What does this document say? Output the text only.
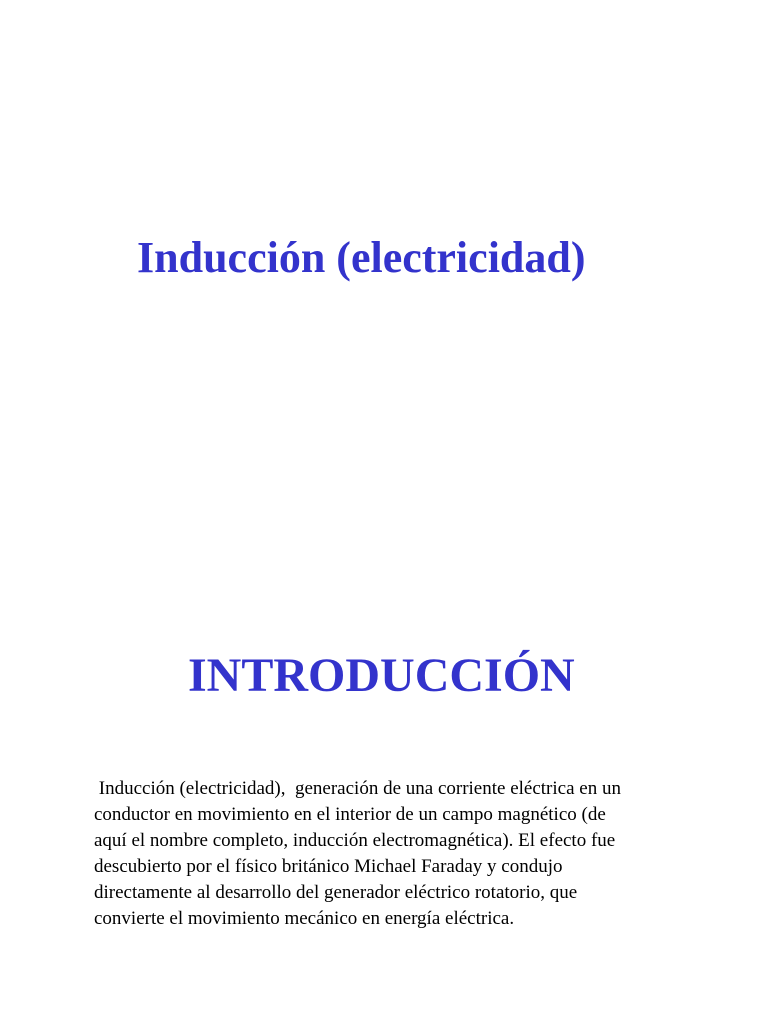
Inducción (electricidad)
INTRODUCCIÓN

Inducción (electricidad),  generación de una corriente eléctrica en un
conductor en movimiento en el interior de un campo magnético (de
aquí el nombre completo, inducción electromagnética). El efecto fue
descubierto por el físico británico Michael Faraday y condujo
directamente al desarrollo del generador eléctrico rotatorio, que
convierte el movimiento mecánico en energía eléctrica.
